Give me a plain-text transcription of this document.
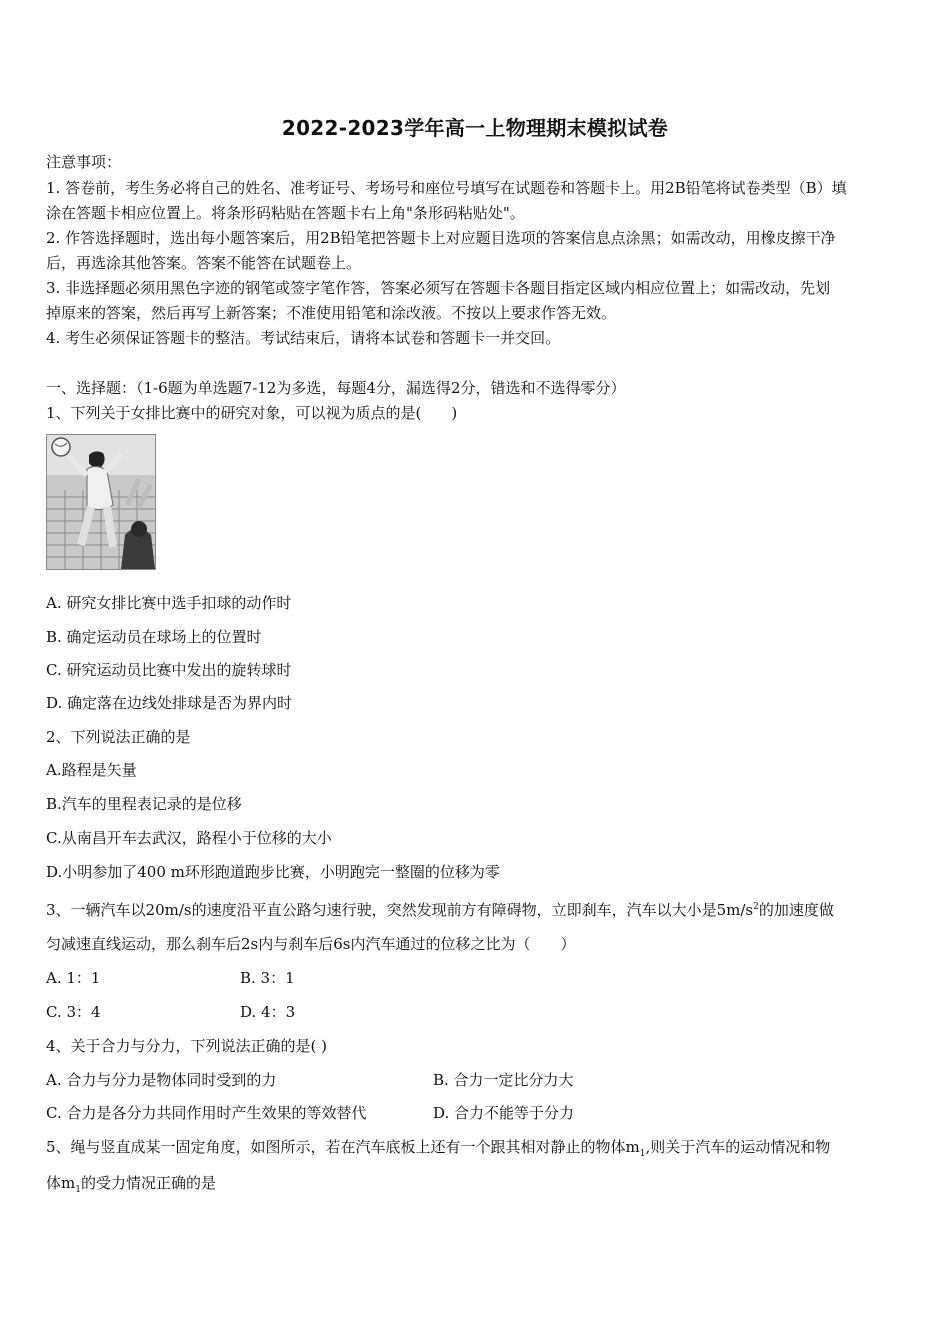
2022-2023学年高一上物理期末模拟试卷
注意事项：
1. 答卷前，考生务必将自己的姓名、准考证号、考场号和座位号填写在试题卷和答题卡上。用2B铅笔将试卷类型（B）填
涂在答题卡相应位置上。将条形码粘贴在答题卡右上角"条形码粘贴处"。
2. 作答选择题时，选出每小题答案后，用2B铅笔把答题卡上对应题目选项的答案信息点涂黑；如需改动，用橡皮擦干净
后，再选涂其他答案。答案不能答在试题卷上。
3. 非选择题必须用黑色字迹的钢笔或签字笔作答，答案必须写在答题卡各题目指定区域内相应位置上；如需改动，先划
掉原来的答案，然后再写上新答案；不准使用铅笔和涂改液。不按以上要求作答无效。
4. 考生必须保证答题卡的整洁。考试结束后，请将本试卷和答题卡一并交回。
一、选择题：（1-6题为单选题7-12为多选，每题4分，漏选得2分，错选和不选得零分）
1、下列关于女排比赛中的研究对象，可以视为质点的是(　　)
A. 研究女排比赛中选手扣球的动作时
B. 确定运动员在球场上的位置时
C. 研究运动员比赛中发出的旋转球时
D. 确定落在边线处排球是否为界内时
2、下列说法正确的是
A.路程是矢量
B.汽车的里程表记录的是位移
C.从南昌开车去武汉，路程小于位移的大小
D.小明参加了400 m环形跑道跑步比赛，小明跑完一整圈的位移为零
3、一辆汽车以20m/s的速度沿平直公路匀速行驶，突然发现前方有障碍物，立即刹车，汽车以大小是$5m/s^2$的加速度做
匀减速直线运动，那么刹车后2s内与刹车后6s内汽车通过的位移之比为（　　）
A. 1：1	B. 3：1
C. 3：4	D. 4：3
4、关于合力与分力，下列说法正确的是( )
A. 合力与分力是物体同时受到的力	B. 合力一定比分力大
C. 合力是各分力共同作用时产生效果的等效替代	D. 合力不能等于分力
5、绳与竖直成某一固定角度，如图所示，若在汽车底板上还有一个跟其相对静止的物体$m_1$,则关于汽车的运动情况和物
体$m_1$的受力情况正确的是
